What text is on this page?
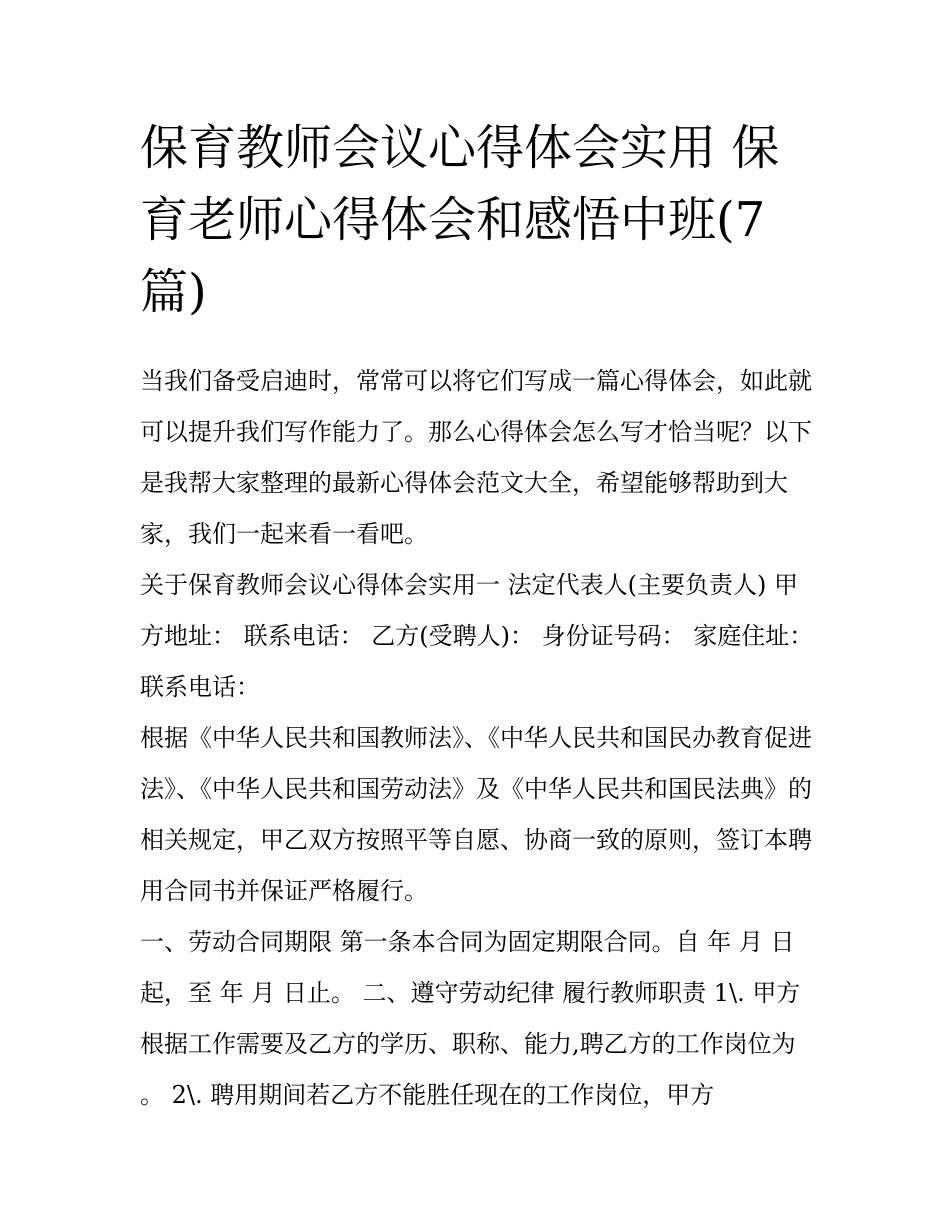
保育教师会议心得体会实用 保育老师心得体会和感悟中班(7篇)

当我们备受启迪时，常常可以将它们写成一篇心得体会，如此就可以提升我们写作能力了。那么心得体会怎么写才恰当呢？以下是我帮大家整理的最新心得体会范文大全，希望能够帮助到大家，我们一起来看一看吧。

关于保育教师会议心得体会实用一 法定代表人(主要负责人) 甲方地址： 联系电话： 乙方(受聘人)： 身份证号码： 家庭住址： 联系电话：

根据《中华人民共和国教师法》、《中华人民共和国民办教育促进法》、《中华人民共和国劳动法》及《中华人民共和国民法典》的相关规定，甲乙双方按照平等自愿、协商一致的原则，签订本聘用合同书并保证严格履行。

一、劳动合同期限 第一条本合同为固定期限合同。自 年 月 日起，至 年 月 日止。 二、遵守劳动纪律 履行教师职责 1\. 甲方根据工作需要及乙方的学历、职称、能力,聘乙方的工作岗位为 。 2\. 聘用期间若乙方不能胜任现在的工作岗位，甲方
